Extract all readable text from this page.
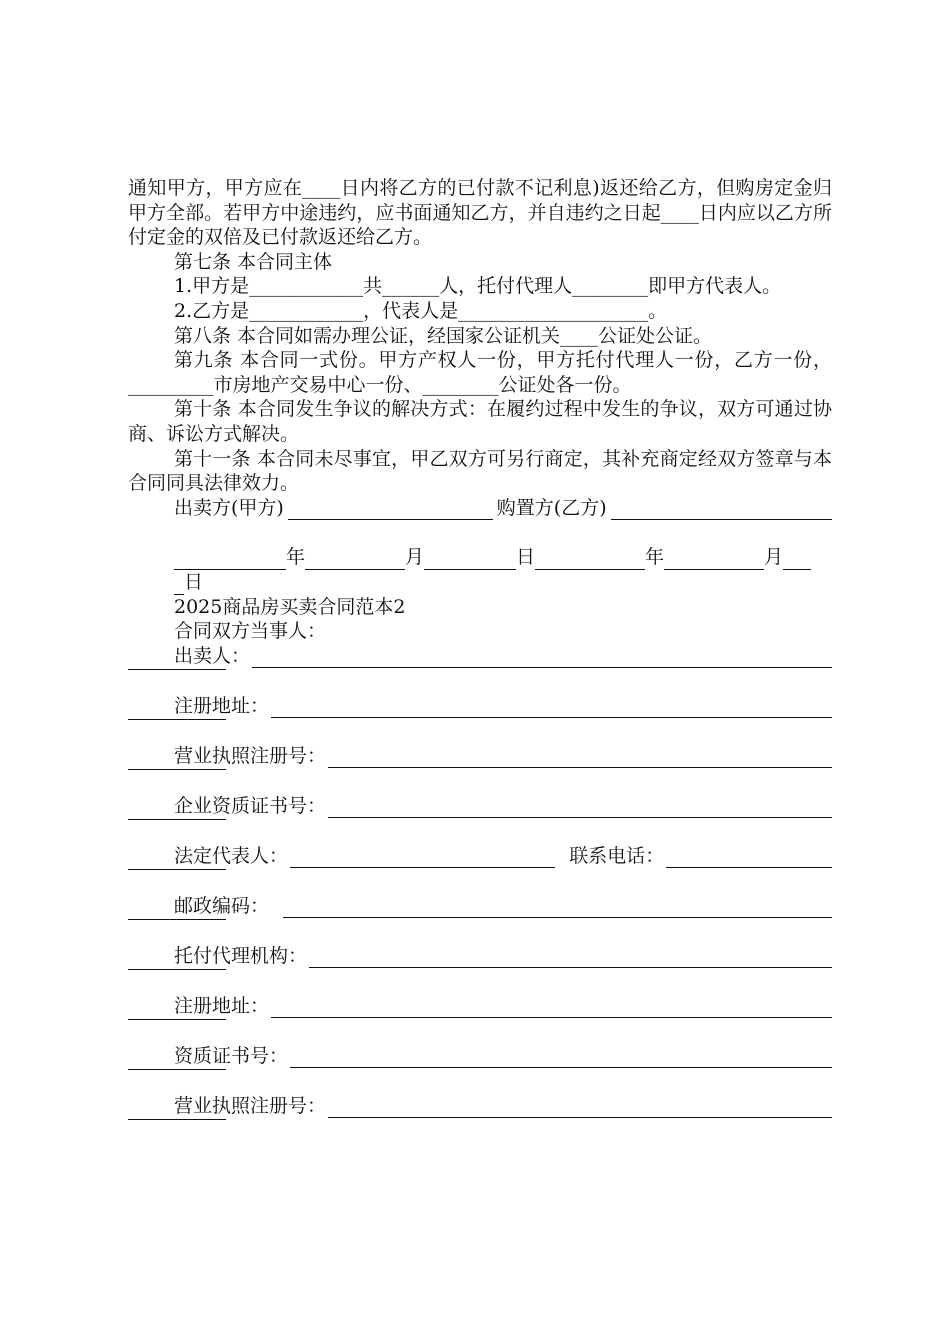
通知甲方，甲方应在____日内将乙方的已付款不记利息)返还给乙方，但购房定金归甲方全部。若甲方中途违约，应书面通知乙方，并自违约之日起____日内应以乙方所付定金的双倍及已付款返还给乙方。
第七条 本合同主体
1.甲方是____________共______人，托付代理人________即甲方代表人。
2.乙方是____________，代表人是____________________。
第八条 本合同如需办理公证，经国家公证机关____公证处公证。
第九条 本合同一式份。甲方产权人一份，甲方托付代理人一份，乙方一份，_________市房地产交易中心一份、________公证处各一份。
第十条 本合同发生争议的解决方式：在履约过程中发生的争议，双方可通过协商、诉讼方式解决。
第十一条 本合同未尽事宜，甲乙双方可另行商定，其补充商定经双方签章与本合同同具法律效力。
出卖方(甲方)	购置方(乙方)
年	月	日	年	月
日
2025商品房买卖合同范本2
合同双方当事人：
出卖人：
注册地址：
营业执照注册号：
企业资质证书号：
法定代表人：	联系电话：
邮政编码：
托付代理机构：
注册地址：
资质证书号：
营业执照注册号：
